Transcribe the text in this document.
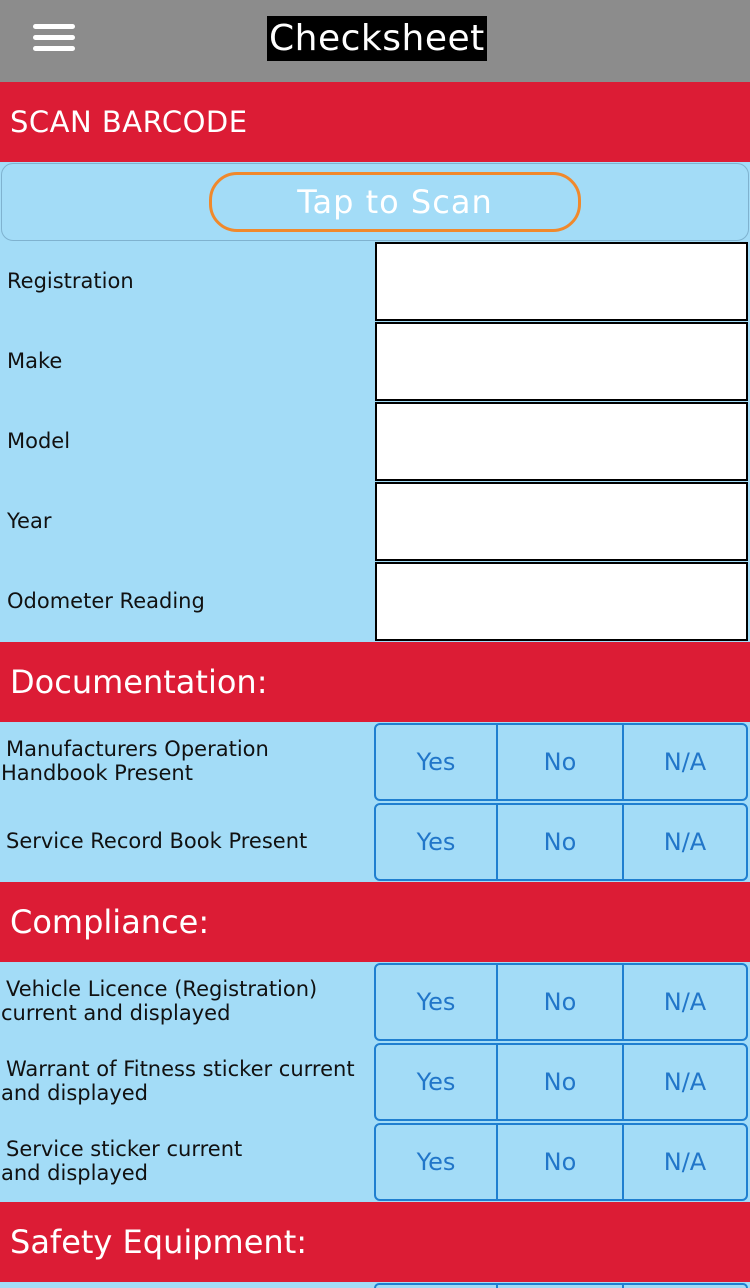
Checksheet
SCAN BARCODE
Tap to Scan
Registration
Make
Model
Year
Odometer Reading
Documentation:
Manufacturers Operation
Handbook Present	Yes	No	N/A
Service Record Book Present	Yes	No	N/A
Compliance:
Vehicle Licence (Registration)
current and displayed	Yes	No	N/A
Warrant of Fitness sticker current
and displayed	Yes	No	N/A
Service sticker current
and displayed	Yes	No	N/A
Safety Equipment:
